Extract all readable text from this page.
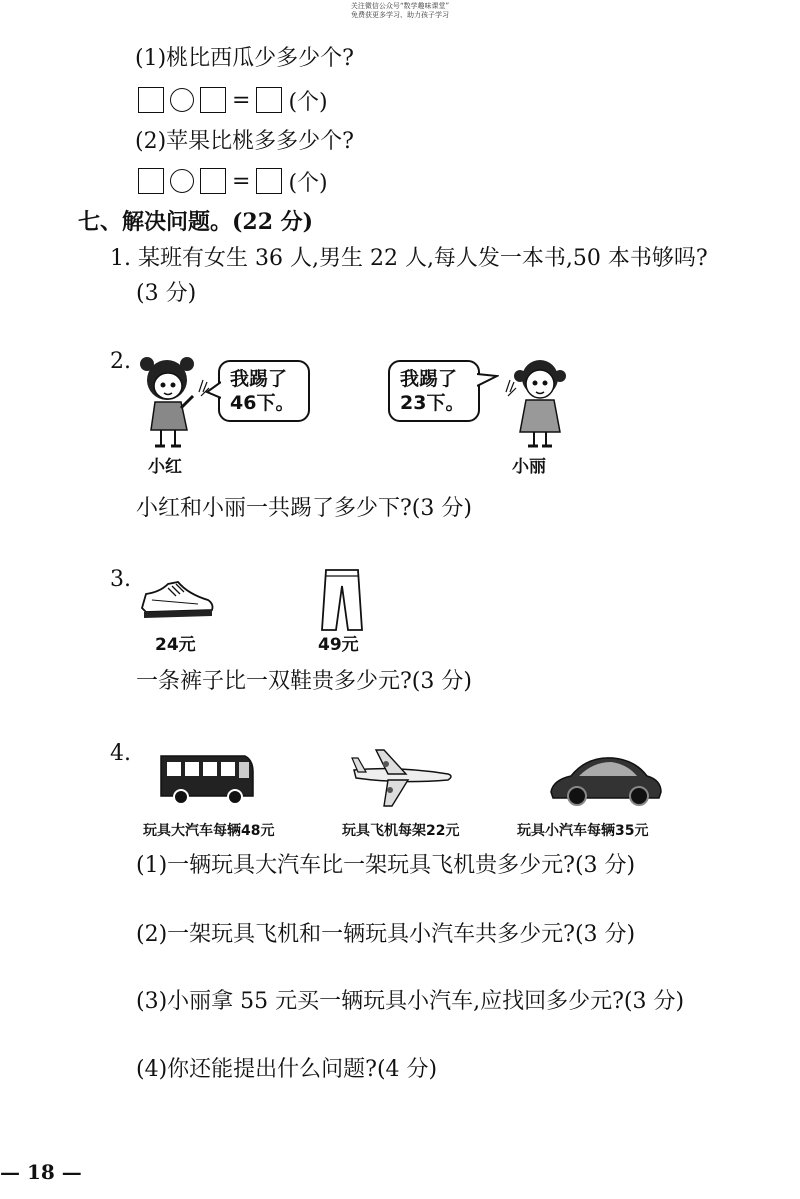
关注微信公众号“数学趣味课堂”
免费获更多学习、助力孩子学习
(1)桃比西瓜少多少个?
= (个)
(2)苹果比桃多多少个?
= (个)
七、解决问题。(22 分)
1. 某班有女生 36 人,男生 22 人,每人发一本书,50 本书够吗?
(3 分)
2.
我踢了
46下。
我踢了
23下。
小红	小丽
小红和小丽一共踢了多少下?(3 分)
3.
24元	49元
一条裤子比一双鞋贵多少元?(3 分)
4.
玩具大汽车每辆48元	玩具飞机每架22元	玩具小汽车每辆35元
(1)一辆玩具大汽车比一架玩具飞机贵多少元?(3 分)
(2)一架玩具飞机和一辆玩具小汽车共多少元?(3 分)
(3)小丽拿 55 元买一辆玩具小汽车,应找回多少元?(3 分)
(4)你还能提出什么问题?(4 分)
— 18 —
